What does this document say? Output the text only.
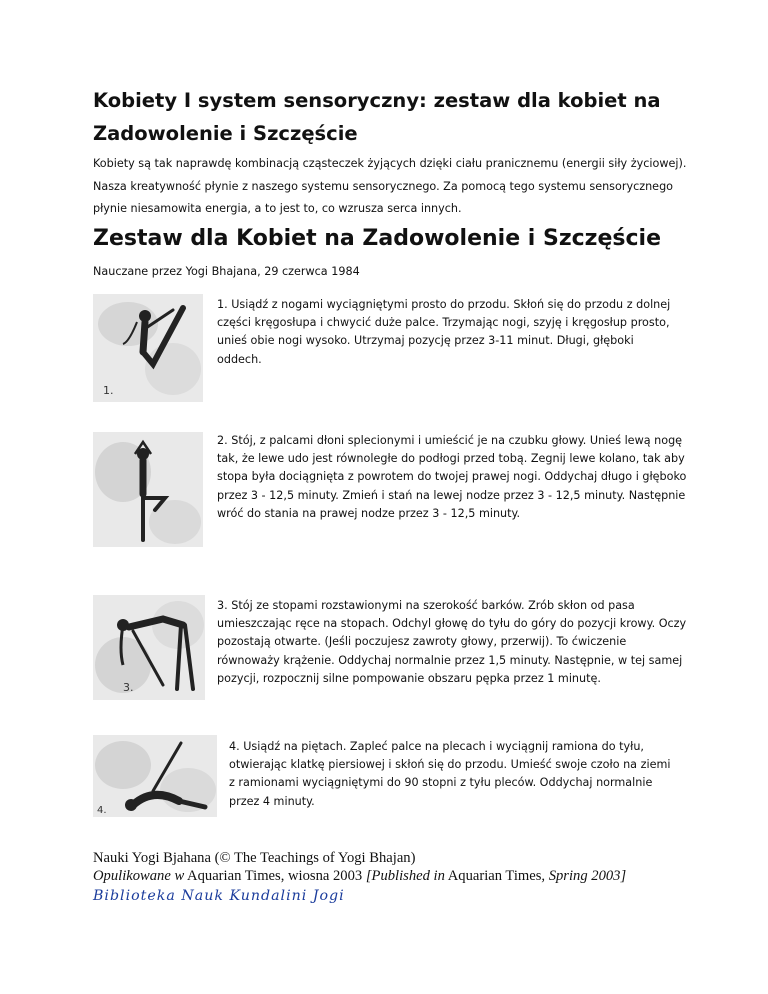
Kobiety I system sensoryczny: zestaw dla kobiet na Zadowolenie i Szczęście

Kobiety są tak naprawdę kombinacją cząsteczek żyjących dzięki ciału pranicznemu (energii siły życiowej). Nasza kreatywność płynie z naszego systemu sensorycznego. Za pomocą tego systemu sensorycznego płynie niesamowita energia, a to jest to, co wzrusza serca innych.

Zestaw dla Kobiet na Zadowolenie i Szczęście

Nauczane przez Yogi Bhajana, 29 czerwca 1984

1.

1. Usiądź z nogami wyciągniętymi prosto do przodu. Skłoń się do przodu z dolnej części kręgosłupa i chwycić duże palce. Trzymając nogi, szyję i kręgosłup prosto, unieś obie nogi wysoko. Utrzymaj pozycję przez 3-11 minut. Długi, głęboki oddech.

2. Stój, z palcami dłoni splecionymi i umieścić je na czubku głowy. Unieś lewą nogę tak, że lewe udo jest równoległe do podłogi przed tobą. Zegnij lewe kolano, tak aby stopa była dociągnięta z powrotem do twojej prawej nogi. Oddychaj długo i głęboko przez 3 - 12,5 minuty. Zmień i stań na lewej nodze przez 3 - 12,5 minuty. Następnie wróć do stania na prawej nodze przez 3 - 12,5 minuty.

3.

3. Stój ze stopami rozstawionymi na szerokość barków. Zrób skłon od pasa umieszczając ręce na stopach. Odchyl głowę do tyłu do góry do pozycji krowy. Oczy pozostają otwarte. (Jeśli poczujesz zawroty głowy, przerwij). To ćwiczenie równoważy krążenie. Oddychaj normalnie przez 1,5 minuty. Następnie, w tej samej pozycji, rozpocznij silne pompowanie obszaru pępka przez 1 minutę.

4.

4. Usiądź na piętach. Zapleć palce na plecach i wyciągnij ramiona do tyłu, otwierając klatkę piersiowej i skłoń się do przodu. Umieść swoje czoło na ziemi z ramionami wyciągniętymi do 90 stopni z tyłu pleców. Oddychaj normalnie przez 4 minuty.

Nauki Yogi Bjahana (© The Teachings of Yogi Bhajan)

Opulikowane w Aquarian Times, wiosna 2003 [Published in Aquarian Times, Spring 2003]

Biblioteka Nauk Kundalini Jogi
